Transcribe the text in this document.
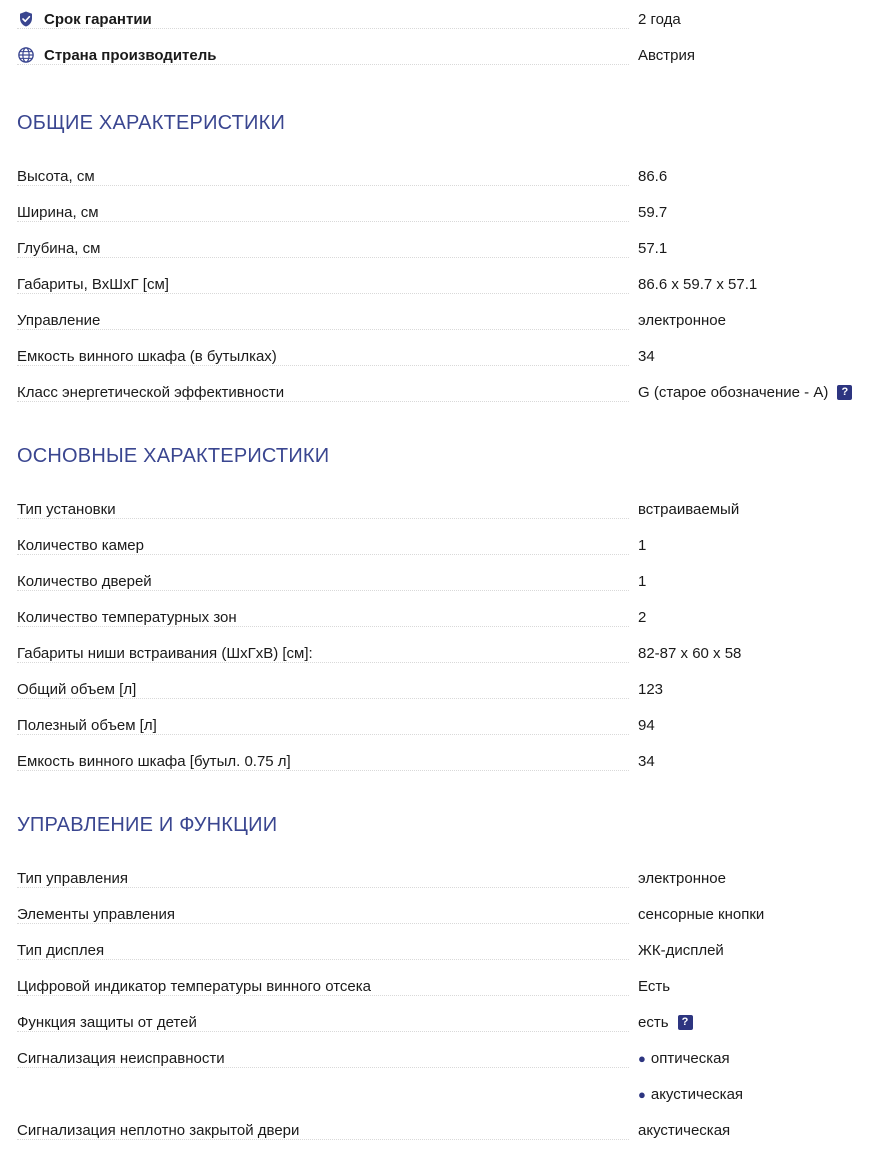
Срок гарантии	2 года
Страна производитель	Австрия
ОБЩИЕ ХАРАКТЕРИСТИКИ
Высота, см	86.6
Ширина, см	59.7
Глубина, см	57.1
Габариты, ВхШхГ [см]	86.6 x 59.7 x 57.1
Управление	электронное
Емкость винного шкафа (в бутылках)	34
Класс энергетической эффективности	G (старое обозначение - A)	?
ОСНОВНЫЕ ХАРАКТЕРИСТИКИ
Тип установки	встраиваемый
Количество камер	1
Количество дверей	1
Количество температурных зон	2
Габариты ниши встраивания (ШхГхВ) [см]:	82-87 х 60 х 58
Общий объем [л]	123
Полезный объем [л]	94
Емкость винного шкафа [бутыл. 0.75 л]	34
УПРАВЛЕНИЕ И ФУНКЦИИ
Тип управления	электронное
Элементы управления	сенсорные кнопки
Тип дисплея	ЖК-дисплей
Цифровой индикатор температуры винного отсека	Есть
Функция защиты от детей	есть	?
Сигнализация неисправности	● оптическая
● акустическая
Сигнализация неплотно закрытой двери	акустическая
